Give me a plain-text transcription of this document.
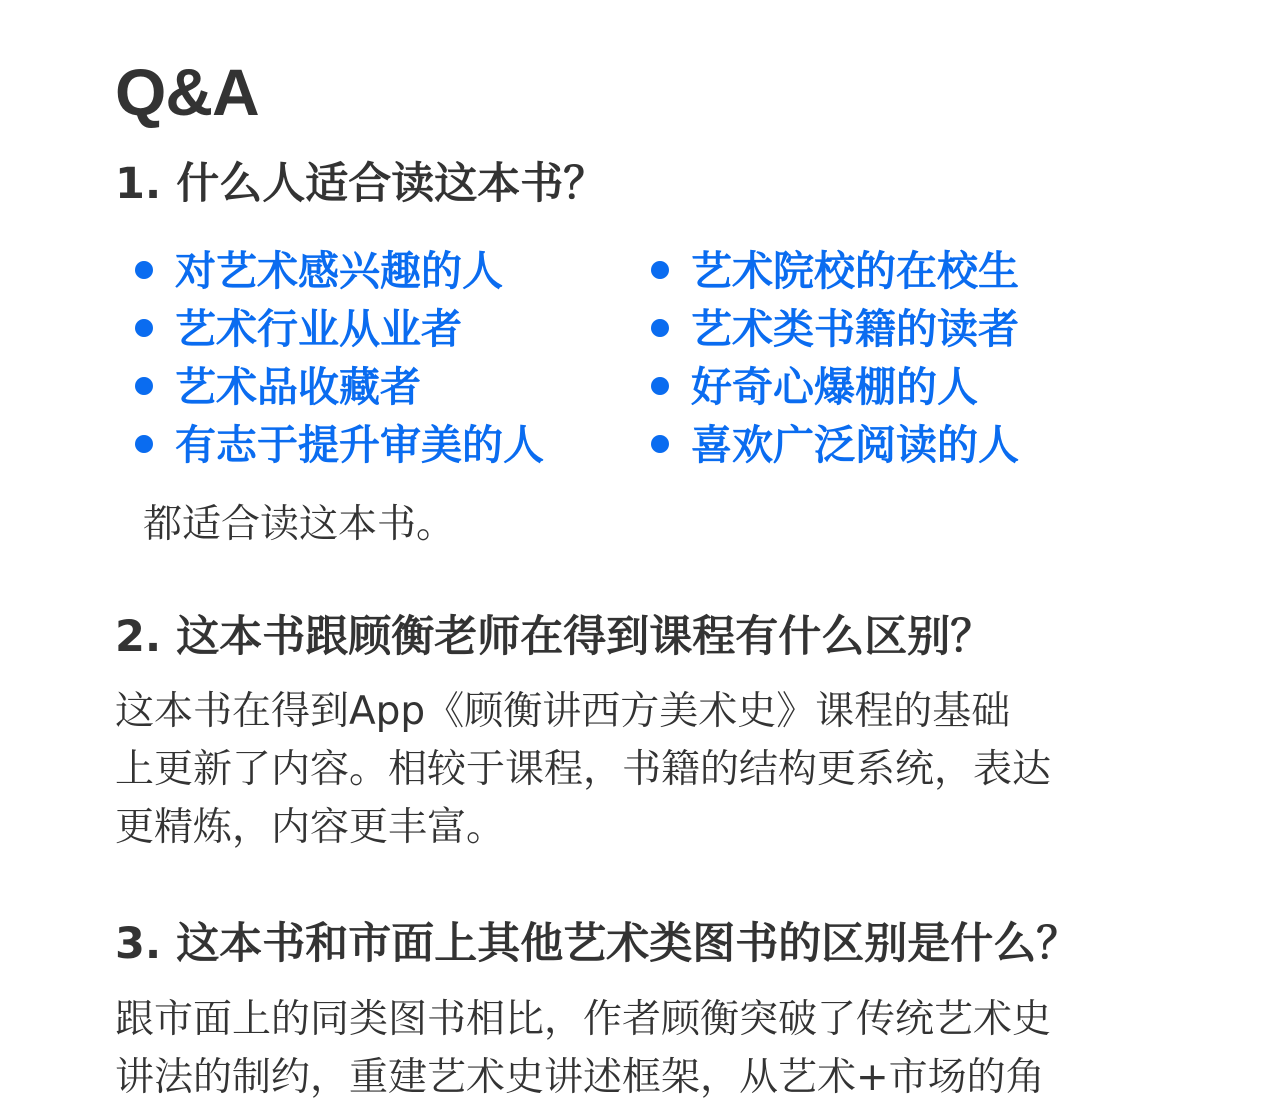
Q&A
1. 什么人适合读这本书？
对艺术感兴趣的人	艺术院校的在校生
艺术行业从业者	艺术类书籍的读者
艺术品收藏者	好奇心爆棚的人
有志于提升审美的人	喜欢广泛阅读的人
都适合读这本书。
2. 这本书跟顾衡老师在得到课程有什么区别？
这本书在得到App《顾衡讲西方美术史》课程的基础
上更新了内容。相较于课程，书籍的结构更系统，表达
更精炼，内容更丰富。
3. 这本书和市面上其他艺术类图书的区别是什么？
跟市面上的同类图书相比，作者顾衡突破了传统艺术史
讲法的制约，重建艺术史讲述框架，从艺术+市场的角
